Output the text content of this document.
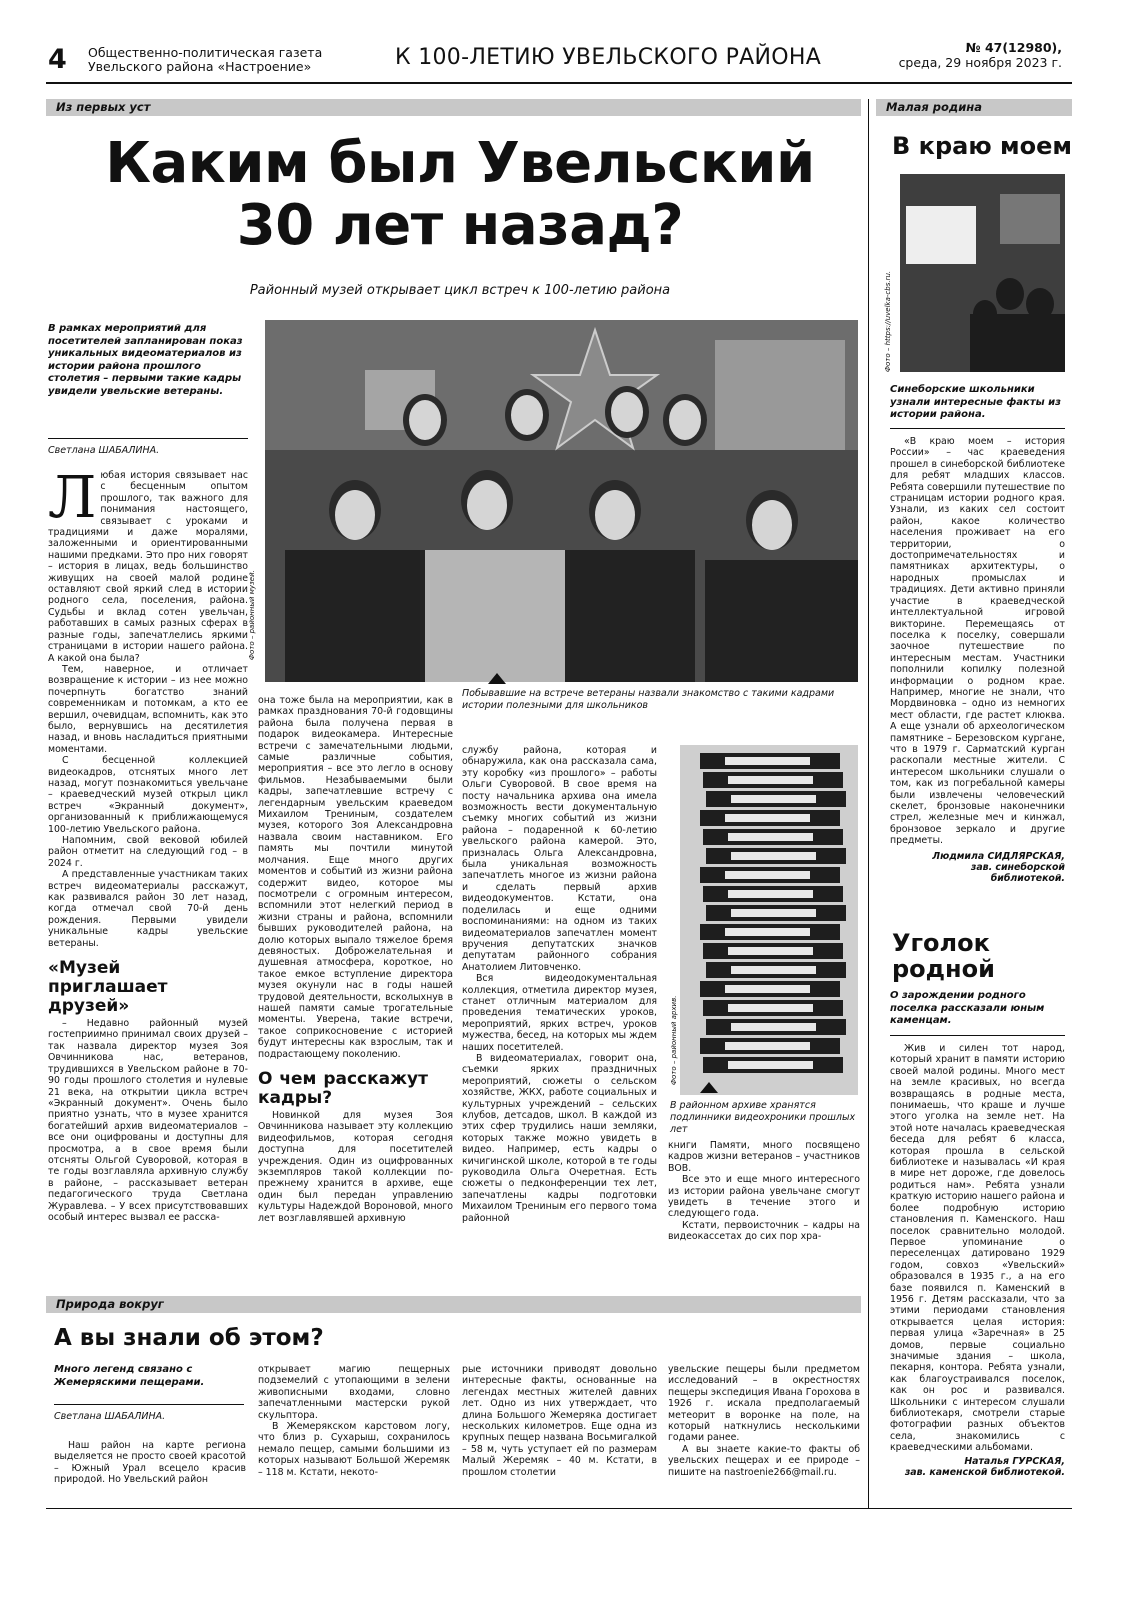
4 Общественно-политическая газета
Увельского района «Настроение»	К 100-ЛЕТИЮ УВЕЛЬСКОГО РАЙОНА	№ 47(12980),
среда, 29 ноября 2023 г.
Из первых уст
Каким был Увельский
30 лет назад?
Районный музей открывает цикл встреч к 100-летию района
В рамках мероприятий для посетителей запланирован показ уникальных видеоматериалов из истории района прошлого столетия – первыми такие кадры увидели увельские ветераны.
Светлана ШАБАЛИНА.
Фото – районный музей.
Побывавшие на встрече ветераны назвали знакомство с такими кадрами истории полезными для школьников
Л юбая история связывает нас с бесценным опытом прошлого, так важного для понимания настоящего, связывает с уроками и традициями и даже моралями, заложенными и ориентированными нашими предками. Это про них говорят – история в лицах, ведь большинство живущих на своей малой родине оставляют свой яркий след в истории родного села, поселения, района. Судьбы и вклад сотен увельчан, работавших в самых разных сферах в разные годы, запечатлелись яркими страницами в истории нашего района. А какой она была?

Тем, наверное, и отличает возвращение к истории – из нее можно почерпнуть богатство знаний современникам и потомкам, а кто ее вершил, очевидцам, вспомнить, как это было, вернувшись на десятилетия назад, и вновь насладиться приятными моментами.

С бесценной коллекцией видеокадров, отснятых много лет назад, могут познакомиться увельчане – краеведческий музей открыл цикл встреч «Экранный документ», организованный к приближающемуся 100-летию Увельского района.

Напомним, свой вековой юбилей район отметит на следующий год – в 2024 г.

А представленные участникам таких встреч видеоматериалы расскажут, как развивался район 30 лет назад, когда отмечал свой 70-й день рождения. Первыми увидели уникальные кадры увельские ветераны.

«Музей приглашает друзей»

– Недавно районный музей гостеприимно принимал своих друзей – так назвала директор музея Зоя Овчинникова нас, ветеранов, трудившихся в Увельском районе в 70-90 годы прошлого столетия и нулевые 21 века, на открытии цикла встреч «Экранный документ». Очень было приятно узнать, что в музее хранится богатейший архив видеоматериалов – все они оцифрованы и доступны для просмотра, а в свое время были отсняты Ольгой Суворовой, которая в те годы возглавляла архивную службу в районе, – рассказывает ветеран педагогического труда Светлана Журавлева. – У всех присутствовавших особый интерес вызвал ее расска-

она тоже была на мероприятии, как в рамках празднования 70-й годовщины района была получена первая в подарок видеокамера. Интересные встречи с замечательными людьми, самые различные события, мероприятия – все это легло в основу фильмов. Незабываемыми были кадры, запечатлевшие встречу с легендарным увельским краеведом Михаилом Трениным, создателем музея, которого Зоя Александровна назвала своим наставником. Его память мы почтили минутой молчания. Еще много других моментов и событий из жизни района содержит видео, которое мы посмотрели с огромным интересом, вспомнили этот нелегкий период в жизни страны и района, вспомнили бывших руководителей района, на долю которых выпало тяжелое бремя девяностых. Доброжелательная и душевная атмосфера, короткое, но такое емкое вступление директора музея окунули нас в годы нашей трудовой деятельности, всколыхнув в нашей памяти самые трогательные моменты. Уверена, такие встречи, такое соприкосновение с историей будут интересны как взрослым, так и подрастающему поколению.
О чем расскажут кадры?

Новинкой для музея Зоя Овчинникова называет эту коллекцию видеофильмов, которая сегодня доступна для посетителей учреждения. Один из оцифрованных экземпляров такой коллекции по-прежнему хранится в архиве, еще один был передан управлению культуры Надеждой Вороновой, много лет возглавлявшей архивную

службу района, которая и обнаружила, как она рассказала сама, эту коробку «из прошлого» – работы Ольги Суворовой. В свое время на посту начальника архива она имела возможность вести документальную съемку многих событий из жизни района – подаренной к 60-летию увельского района камерой. Это, призналась Ольга Александровна, была уникальная возможность запечатлеть многое из жизни района и сделать первый архив видеодокументов. Кстати, она поделилась и еще одними воспоминаниями: на одном из таких видеоматериалов запечатлен момент вручения депутатских значков депутатам районного собрания Анатолием Литовченко.

Вся видеодокументальная коллекция, отметила директор музея, станет отличным материалом для проведения тематических уроков, мероприятий, ярких встреч, уроков мужества, бесед, на которых мы ждем наших посетителей.

В видеоматериалах, говорит она, съемки ярких праздничных мероприятий, сюжеты о сельском хозяйстве, ЖКХ, работе социальных и культурных учреждений – сельских клубов, детсадов, школ. В каждой из этих сфер трудились наши земляки, которых также можно увидеть в видео. Например, есть кадры о кичигинской школе, которой в те годы руководила Ольга Очеретная. Есть сюжеты о педконференции тех лет, запечатлены кадры подготовки Михаилом Трениным его первого тома районной

Фото – районный архив.
В районном архиве хранятся подлинники видеохроники прошлых лет
книги Памяти, много посвящено кадров жизни ветеранов – участников ВОВ.

Все это и еще много интересного из истории района увельчане смогут увидеть в течение этого и следующего года.

Кстати, первоисточник – кадры на видеокассетах до сих пор хра-

Малая родина
В краю моем
Фото – https://uvelka-cbs.ru.
Синеборские школьники узнали интересные факты из истории района.

«В краю моем – история России» – час краеведения прошел в синеборской библиотеке для ребят младших классов. Ребята совершили путешествие по страницам истории родного края. Узнали, из каких сел состоит район, какое количество населения проживает на его территории, о достопримечательностях и памятниках архитектуры, о народных промыслах и традициях. Дети активно приняли участие в краеведческой интеллектуальной игровой викторине. Перемещаясь от поселка к поселку, совершали заочное путешествие по интересным местам. Участники пополнили копилку полезной информации о родном крае. Например, многие не знали, что Мордвиновка – одно из немногих мест области, где растет клюква. А еще узнали об археологическом памятнике – Березовском кургане, что в 1979 г. Сарматский курган раскопали местные жители. С интересом школьники слушали о том, как из погребальной камеры были извлечены человеческий скелет, бронзовые наконечники стрел, железные меч и кинжал, бронзовое зеркало и другие предметы.

Людмила СИДЛЯРСКАЯ,
зав. синеборской библиотекой.
Уголок
родной
О зарождении родного поселка рассказали юным каменцам.

Жив и силен тот народ, который хранит в памяти историю своей малой родины. Много мест на земле красивых, но всегда возвращаясь в родные места, понимаешь, что краше и лучше этого уголка на земле нет. На этой ноте началась краеведческая беседа для ребят 6 класса, которая прошла в сельской библиотеке и называлась «И края в мире нет дороже, где довелось родиться нам». Ребята узнали краткую историю нашего района и более подробную историю становления п. Каменского. Наш поселок сравнительно молодой. Первое упоминание о переселенцах датировано 1929 годом, совхоз «Увельский» образовался в 1935 г., а на его базе появился п. Каменский в 1956 г. Детям рассказали, что за этими периодами становления открывается целая история: первая улица «Заречная» в 25 домов, первые социально значимые здания – школа, пекарня, контора. Ребята узнали, как благоустраивался поселок, как он рос и развивался. Школьники с интересом слушали библиотекаря, смотрели старые фотографии разных объектов села, знакомились с краеведческими альбомами.

Наталья ГУРСКАЯ,
зав. каменской библиотекой.
Природа вокруг
А вы знали об этом?
Много легенд связано с Жемеряскими пещерами.
Светлана ШАБАЛИНА.

Наш район на карте региона выделяется не просто своей красотой – Южный Урал всецело красив природой. Но Увельский район

открывает магию пещерных подземелий с утопающими в зелени живописными входами, словно запечатленными мастерски рукой скульптора.

В Жемерякском карстовом логу, что близ р. Сухарыш, сохранилось немало пещер, самыми большими из которых называют Большой Жеремяк – 118 м. Кстати, некото-

рые источники приводят довольно интересные факты, основанные на легендах местных жителей давних лет. Одно из них утверждает, что длина Большого Жемеряка достигает нескольких километров. Еще одна из крупных пещер названа Восьмигалкой – 58 м, чуть уступает ей по размерам Малый Жеремяк – 40 м. Кстати, в прошлом столетии
увельские пещеры были предметом исследований – в окрестностях пещеры экспедиция Ивана Гороховa в 1926 г. искала предполагаемый метеорит в воронке на поле, на который наткнулись несколькими годами ранее.

А вы знаете какие-то факты об увельских пещерах и ее природе – пишите на nastroenie266@mail.ru.
